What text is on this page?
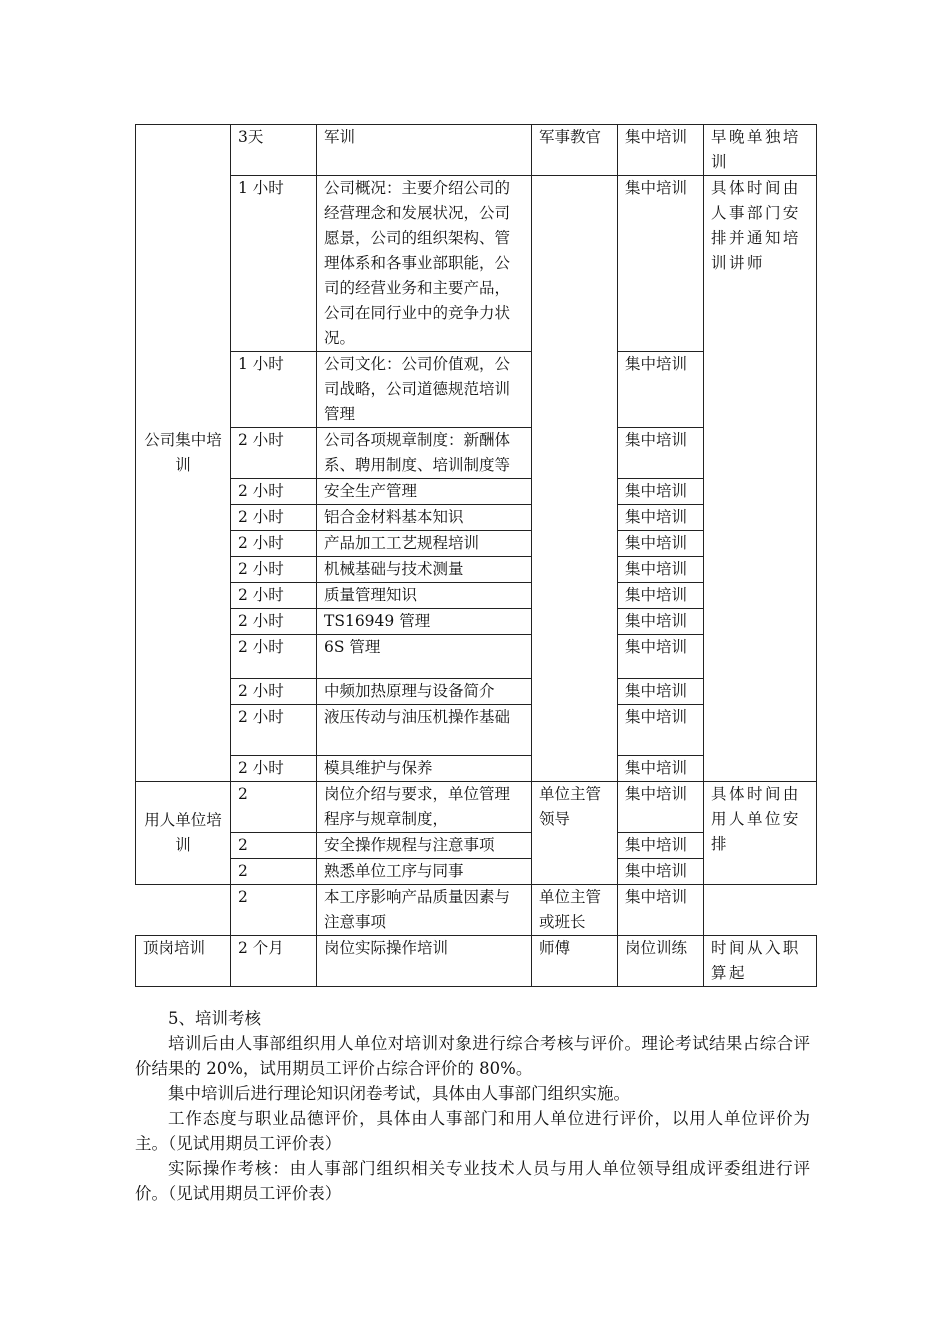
公司集中培训	3天	军训	军事教官	集中培训	早晚单独培训
	1 小时	公司概况：主要介绍公司的经营理念和发展状况，公司愿景，公司的组织架构、管理体系和各事业部职能，公司的经营业务和主要产品，公司在同行业中的竞争力状况。		集中培训	具体时间由人事部门安排并通知培训讲师
	1 小时	公司文化：公司价值观，公司战略，公司道德规范培训管理		集中培训	
	2 小时	公司各项规章制度：新酬体系、聘用制度、培训制度等		集中培训	
	2 小时	安全生产管理		集中培训	
	2 小时	铝合金材料基本知识		集中培训	
	2 小时	产品加工工艺规程培训		集中培训	
	2 小时	机械基础与技术测量		集中培训	
	2 小时	质量管理知识		集中培训	
	2 小时	TS16949 管理		集中培训	
	2 小时	6S 管理		集中培训	
	2 小时	中频加热原理与设备简介		集中培训	
	2 小时	液压传动与油压机操作基础		集中培训	
	2 小时	模具维护与保养		集中培训	
用人单位培训	2	岗位介绍与要求，单位管理程序与规章制度，	单位主管领导	集中培训	具体时间由用人单位安排
	2	安全操作规程与注意事项		集中培训	
	2	熟悉单位工序与同事		集中培训	
	2	本工序影响产品质量因素与注意事项	单位主管或班长	集中培训	
顶岗培训	2 个月	岗位实际操作培训	师傅	岗位训练	时间从入职算起

5、培训考核

培训后由人事部组织用人单位对培训对象进行综合考核与评价。理论考试结果占综合评价结果的 20%，试用期员工评价占综合评价的 80%。

集中培训后进行理论知识闭卷考试，具体由人事部门组织实施。

工作态度与职业品德评价，具体由人事部门和用人单位进行评价，以用人单位评价为主。（见试用期员工评价表）

实际操作考核：由人事部门组织相关专业技术人员与用人单位领导组成评委组进行评价。（见试用期员工评价表）
